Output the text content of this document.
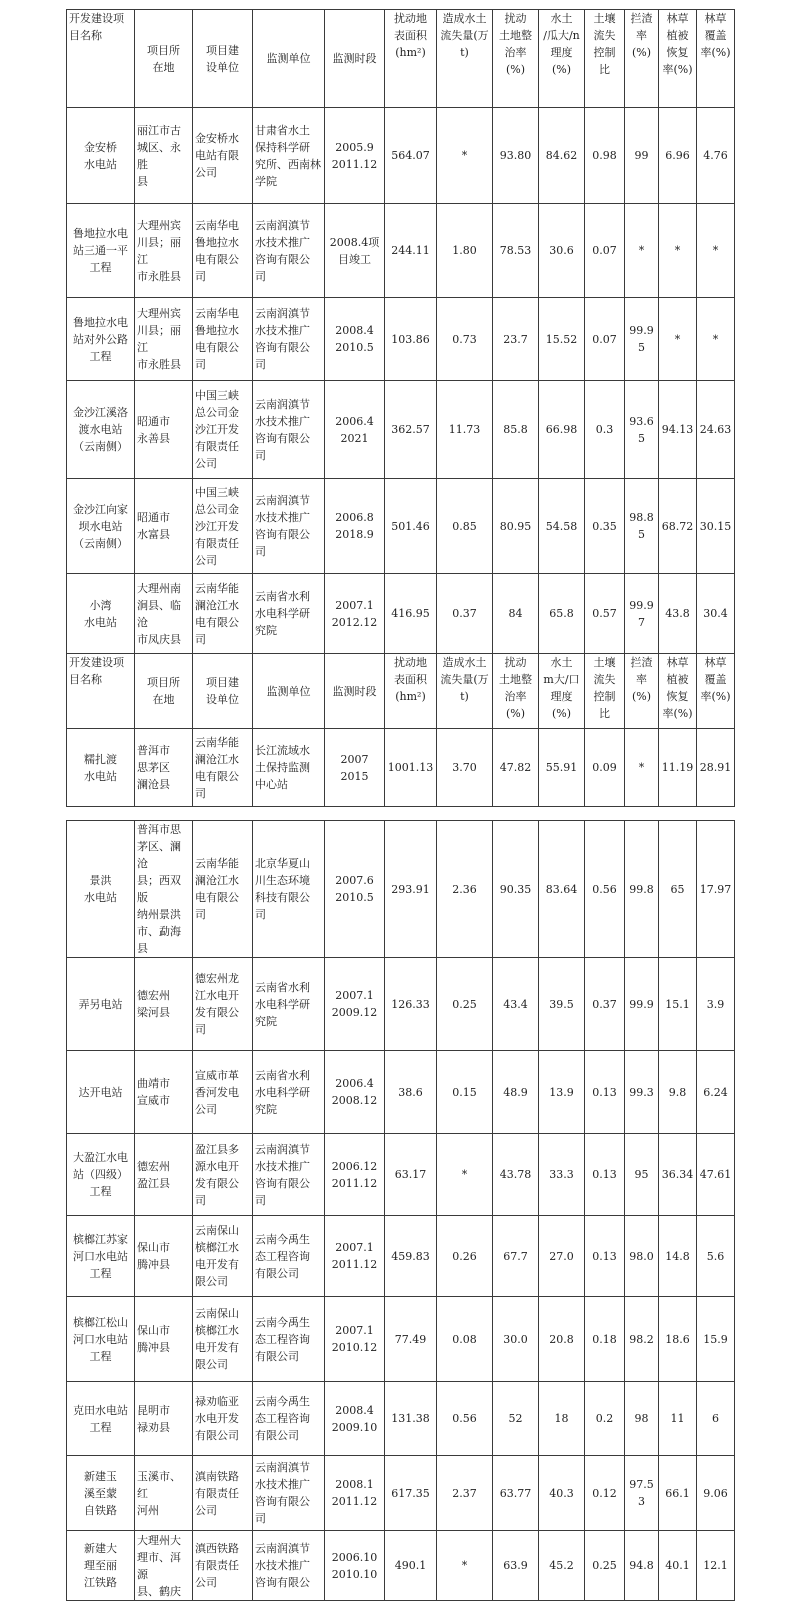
开发建设项
目名称	项目所
在地	项目建
设单位	监测单位	监测时段	扰动地
表面积
(hm²)	造成水土
流失量(万
t)	扰动
土地整
治率
(%)	水土
/瓜大/n
理度(%)	土壤
流失
控制
比	拦渣
率
(%)	林草
植被
恢复
率(%)	林草
覆盖
率(%)
金安桥
水电站	丽江市古
城区、永胜
县	金安桥水
电站有限
公司	甘肃省水土
保持科学研
究所、西南林
学院	2005.9
2011.12	564.07	*	93.80	84.62	0.98	99	6.96	4.76
鲁地拉水电
站三通一平
工程	大理州宾
川县；丽江
市永胜县	云南华电
鲁地拉水
电有限公
司	云南润滇节
水技术推广
咨询有限公
司	2008.4项
目竣工	244.11	1.80	78.53	30.6	0.07	*	*	*
鲁地拉水电
站对外公路
工程	大理州宾
川县；丽江
市永胜县	云南华电
鲁地拉水
电有限公
司	云南润滇节
水技术推广
咨询有限公
司	2008.4
2010.5	103.86	0.73	23.7	15.52	0.07	99.95	*	*
金沙江溪洛
渡水电站
（云南侧）	昭通市
永善县	中国三峡
总公司金
沙江开发
有限责任
公司	云南润滇节
水技术推广
咨询有限公
司	2006.4
2021	362.57	11.73	85.8	66.98	0.3	93.65	94.13	24.63
金沙江向家
坝水电站
（云南侧）	昭通市
水富县	中国三峡
总公司金
沙江开发
有限责任
公司	云南润滇节
水技术推广
咨询有限公
司	2006.8
2018.9	501.46	0.85	80.95	54.58	0.35	98.85	68.72	30.15
小湾
水电站	大理州南
涧县、临沧
市凤庆县	云南华能
澜沧江水
电有限公
司	云南省水利
水电科学研
究院	2007.1
2012.12	416.95	0.37	84	65.8	0.57	99.97	43.8	30.4
开发建设项
目名称	项目所
在地	项目建
设单位	监测单位	监测时段	扰动地
表面积
(hm²)	造成水土
流失量(万
t)	扰动
土地整
治率
(%)	水土
m大/口
理度(%)	土壤
流失
控制
比	拦渣
率
(%)	林草
植被
恢复
率(%)	林草
覆盖
率(%)
糯扎渡
水电站	普洱市
思茅区
澜沧县	云南华能
澜沧江水
电有限公
司	长江流域水
土保持监测
中心站	2007
2015	1001.13	3.70	47.82	55.91	0.09	*	11.19	28.91
景洪
水电站	普洱市思
茅区、澜沧
县；西双版
纳州景洪
市、勐海县	云南华能
澜沧江水
电有限公
司	北京华夏山
川生态环境
科技有限公
司	2007.6
2010.5	293.91	2.36	90.35	83.64	0.56	99.8	65	17.97
弄另电站	德宏州
梁河县	德宏州龙
江水电开
发有限公
司	云南省水利
水电科学研
究院	2007.1
2009.12	126.33	0.25	43.4	39.5	0.37	99.9	15.1	3.9
达开电站	曲靖市
宣威市	宣威市革
香河发电
公司	云南省水利
水电科学研
究院	2006.4
2008.12	38.6	0.15	48.9	13.9	0.13	99.3	9.8	6.24
大盈江水电
站（四级）
工程	德宏州
盈江县	盈江县多
源水电开
发有限公
司	云南润滇节
水技术推广
咨询有限公
司	2006.12
2011.12	63.17	*	43.78	33.3	0.13	95	36.34	47.61
槟榔江苏家
河口水电站
工程	保山市
腾冲县	云南保山
槟榔江水
电开发有
限公司	云南今禹生
态工程咨询
有限公司	2007.1
2011.12	459.83	0.26	67.7	27.0	0.13	98.0	14.8	5.6
槟榔江松山
河口水电站
工程	保山市
腾冲县	云南保山
槟榔江水
电开发有
限公司	云南今禹生
态工程咨询
有限公司	2007.1
2010.12	77.49	0.08	30.0	20.8	0.18	98.2	18.6	15.9
克田水电站
工程	昆明市
禄劝县	禄劝临亚
水电开发
有限公司	云南今禹生
态工程咨询
有限公司	2008.4
2009.10	131.38	0.56	52	18	0.2	98	11	6
新建玉
溪至蒙
自铁路	玉溪市、红
河州	滇南铁路
有限责任
公司	云南润滇节
水技术推广
咨询有限公
司	2008.1
2011.12	617.35	2.37	63.77	40.3	0.12	97.53	66.1	9.06
新建大
理至丽
江铁路	大理州大
理市、洱源
县、鹤庆	滇西铁路
有限责任
公司	云南润滇节
水技术推广
咨询有限公	2006.10
2010.10	490.1	*	63.9	45.2	0.25	94.8	40.1	12.1
